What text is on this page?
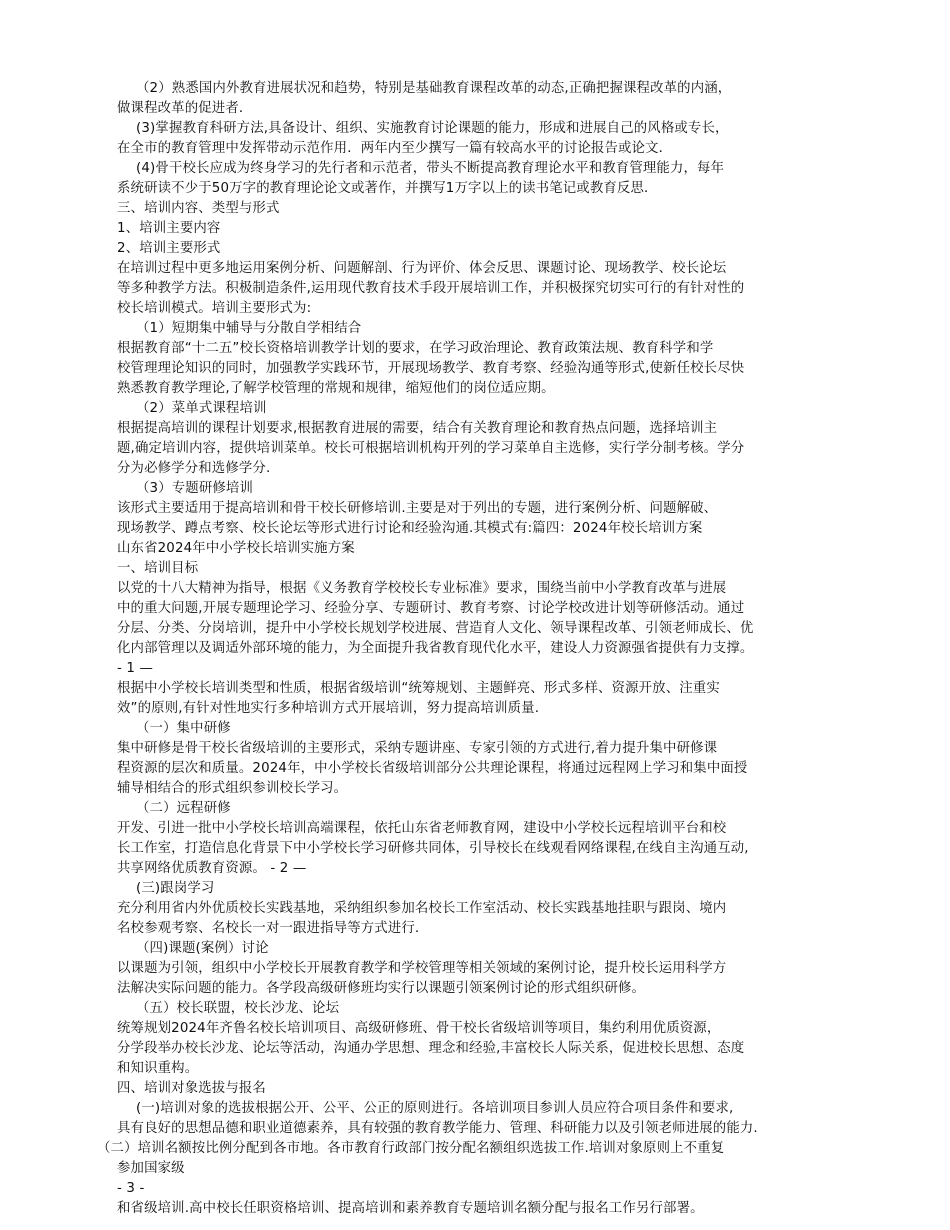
（2）熟悉国内外教育进展状况和趋势，特别是基础教育课程改革的动态,正确把握课程改革的内涵，
做课程改革的促进者．
(3)掌握教育科研方法,具备设计、组织、实施教育讨论课题的能力，形成和进展自己的风格或专长，
在全市的教育管理中发挥带动示范作用．两年内至少撰写一篇有较高水平的讨论报告或论文．
(4)骨干校长应成为终身学习的先行者和示范者，带头不断提高教育理论水平和教育管理能力，每年
系统研读不少于50万字的教育理论论文或著作，并撰写1万字以上的读书笔记或教育反思．
三、培训内容、类型与形式
1、培训主要内容
2、培训主要形式
在培训过程中更多地运用案例分析、问题解剖、行为评价、体会反思、课题讨论、现场教学、校长论坛
等多种教学方法。积极制造条件,运用现代教育技术手段开展培训工作，并积极探究切实可行的有针对性的
校长培训模式。培训主要形式为:
（1）短期集中辅导与分散自学相结合
根据教育部“十二五”校长资格培训教学计划的要求，在学习政治理论、教育政策法规、教育科学和学
校管理理论知识的同时，加强教学实践环节，开展现场教学、教育考察、经验沟通等形式,使新任校长尽快
熟悉教育教学理论,了解学校管理的常规和规律，缩短他们的岗位适应期。
（2）菜单式课程培训
根据提高培训的课程计划要求,根据教育进展的需要，结合有关教育理论和教育热点问题，选择培训主
题,确定培训内容，提供培训菜单。校长可根据培训机构开列的学习菜单自主选修，实行学分制考核。学分
分为必修学分和选修学分.
（3）专题研修培训
该形式主要适用于提高培训和骨干校长研修培训.主要是对于列出的专题，进行案例分析、问题解破、
现场教学、蹲点考察、校长论坛等形式进行讨论和经验沟通.其模式有:篇四：2024年校长培训方案
山东省2024年中小学校长培训实施方案
一、培训目标
以党的十八大精神为指导，根据《义务教育学校校长专业标准》要求，围绕当前中小学教育改革与进展
中的重大问题,开展专题理论学习、经验分享、专题研讨、教育考察、讨论学校改进计划等研修活动。通过
分层、分类、分岗培训，提升中小学校长规划学校进展、营造育人文化、领导课程改革、引领老师成长、优
化内部管理以及调适外部环境的能力，为全面提升我省教育现代化水平，建设人力资源强省提供有力支撑。
- 1 —
根据中小学校长培训类型和性质，根据省级培训“统筹规划、主题鲜亮、形式多样、资源开放、注重实
效”的原则,有针对性地实行多种培训方式开展培训，努力提高培训质量.
（一）集中研修
集中研修是骨干校长省级培训的主要形式，采纳专题讲座、专家引领的方式进行,着力提升集中研修课
程资源的层次和质量。2024年，中小学校长省级培训部分公共理论课程，将通过远程网上学习和集中面授
辅导相结合的形式组织参训校长学习。
（二）远程研修
开发、引进一批中小学校长培训高端课程，依托山东省老师教育网，建设中小学校长远程培训平台和校
长工作室，打造信息化背景下中小学校长学习研修共同体，引导校长在线观看网络课程,在线自主沟通互动,
共享网络优质教育资源。 - 2 —
(三)跟岗学习
充分利用省内外优质校长实践基地，采纳组织参加名校长工作室活动、校长实践基地挂职与跟岗、境内
名校参观考察、名校长一对一跟进指导等方式进行.
（四)课题(案例）讨论
以课题为引领，组织中小学校长开展教育教学和学校管理等相关领域的案例讨论，提升校长运用科学方
法解决实际问题的能力。各学段高级研修班均实行以课题引领案例讨论的形式组织研修。
（五）校长联盟，校长沙龙、论坛
统筹规划2024年齐鲁名校长培训项目、高级研修班、骨干校长省级培训等项目，集约利用优质资源，
分学段举办校长沙龙、论坛等活动，沟通办学思想、理念和经验,丰富校长人际关系，促进校长思想、态度
和知识重构。
四、培训对象选拔与报名
(一)培训对象的选拔根据公开、公平、公正的原则进行。各培训项目参训人员应符合项目条件和要求,
具有良好的思想品德和职业道德素养，具有较强的教育教学能力、管理、科研能力以及引领老师进展的能力.
（二）培训名额按比例分配到各市地。各市教育行政部门按分配名额组织选拔工作.培训对象原则上不重复
参加国家级
- 3 -
和省级培训.高中校长任职资格培训、提高培训和素养教育专题培训名额分配与报名工作另行部署。
